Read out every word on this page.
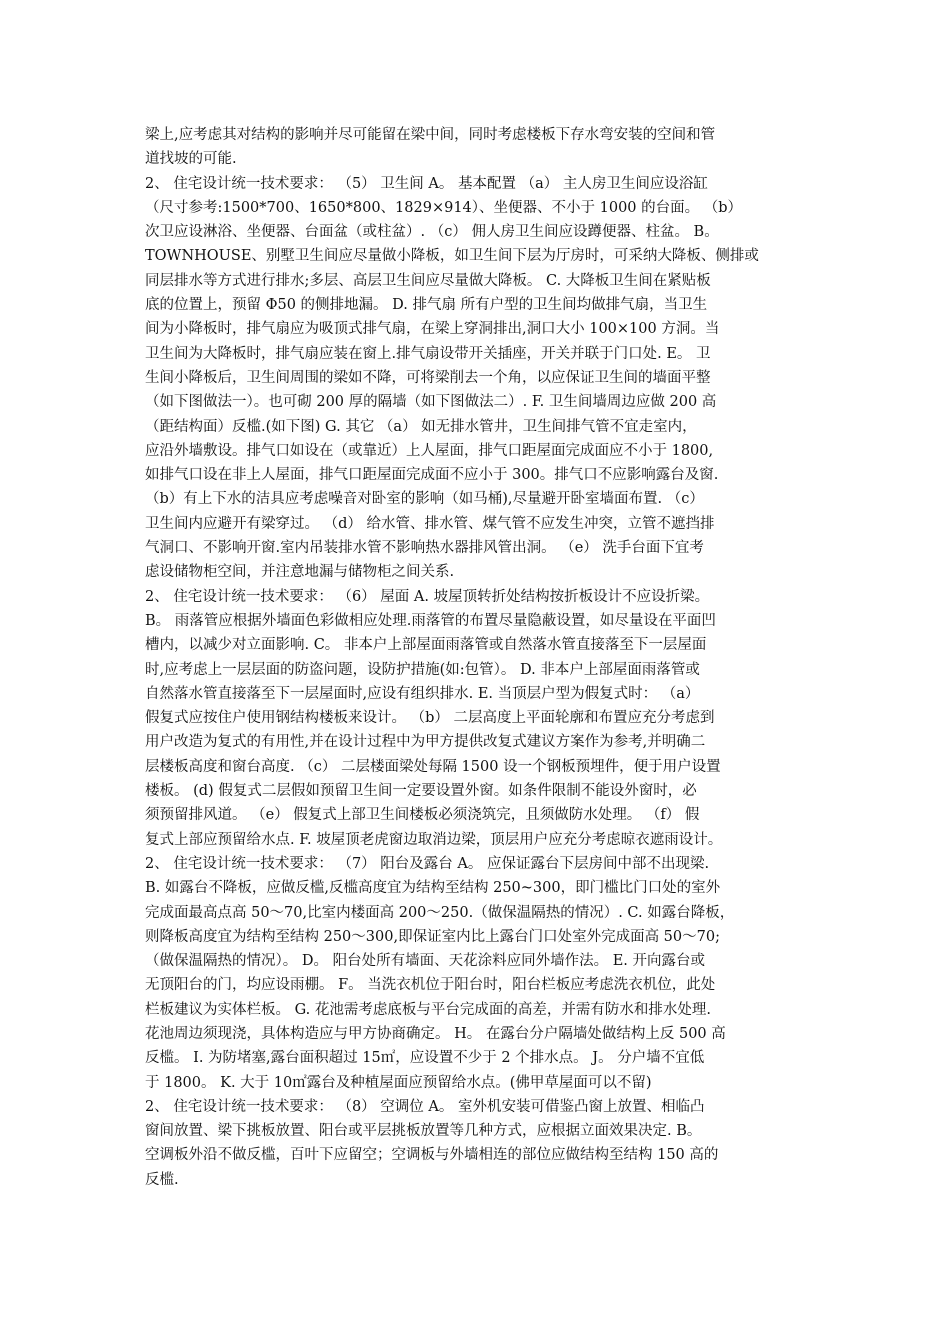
梁上,应考虑其对结构的影响并尽可能留在梁中间，同时考虑楼板下存水弯安装的空间和管
道找坡的可能.
2、 住宅设计统一技术要求： （5） 卫生间 A。 基本配置 （a） 主人房卫生间应设浴缸
（尺寸参考:1500*700、1650*800、1829×914）、坐便器、不小于 1000 的台面。 （b）
次卫应设淋浴、坐便器、台面盆（或柱盆）. （c） 佣人房卫生间应设蹲便器、柱盆。 B。
TOWNHOUSE、别墅卫生间应尽量做小降板，如卫生间下层为厅房时，可采纳大降板、侧排或
同层排水等方式进行排水;多层、高层卫生间应尽量做大降板。 C. 大降板卫生间在紧贴板
底的位置上，预留 Φ50 的侧排地漏。 D. 排气扇 所有户型的卫生间均做排气扇，当卫生
间为小降板时，排气扇应为吸顶式排气扇，在梁上穿洞排出,洞口大小 100×100 方洞。当
卫生间为大降板时，排气扇应装在窗上.排气扇设带开关插座，开关并联于门口处. E。 卫
生间小降板后，卫生间周围的梁如不降，可将梁削去一个角，以应保证卫生间的墙面平整
（如下图做法一）。也可砌 200 厚的隔墙（如下图做法二）. F. 卫生间墙周边应做 200 高
（距结构面）反槛.(如下图) G. 其它 （a） 如无排水管井，卫生间排气管不宜走室内，
应沿外墙敷设。排气口如设在（或靠近）上人屋面，排气口距屋面完成面应不小于 1800,
如排气口设在非上人屋面，排气口距屋面完成面不应小于 300。排气口不应影响露台及窗.
（b）有上下水的洁具应考虑噪音对卧室的影响（如马桶),尽量避开卧室墙面布置. （c）
卫生间内应避开有梁穿过。 （d） 给水管、排水管、煤气管不应发生冲突，立管不遮挡排
气洞口、不影响开窗.室内吊装排水管不影响热水器排风管出洞。 （e） 洗手台面下宜考
虑设储物柜空间，并注意地漏与储物柜之间关系.
2、 住宅设计统一技术要求： （6） 屋面 A. 坡屋顶转折处结构按折板设计不应设折梁。
B。 雨落管应根据外墙面色彩做相应处理.雨落管的布置尽量隐蔽设置，如尽量设在平面凹
槽内，以减少对立面影响. C。 非本户上部屋面雨落管或自然落水管直接落至下一层屋面
时,应考虑上一层层面的防盗问题，设防护措施(如:包管）。 D. 非本户上部屋面雨落管或
自然落水管直接落至下一层屋面时,应设有组织排水. E. 当顶层户型为假复式时： （a）
假复式应按住户使用钢结构楼板来设计。 （b） 二层高度上平面轮廓和布置应充分考虑到
用户改造为复式的有用性,并在设计过程中为甲方提供改复式建议方案作为参考,并明确二
层楼板高度和窗台高度. （c） 二层楼面梁处每隔 1500 设一个钢板预埋件，便于用户设置
楼板。 (d) 假复式二层假如预留卫生间一定要设置外窗。如条件限制不能设外窗时，必
须预留排风道。 （e） 假复式上部卫生间楼板必须浇筑完，且须做防水处理。 （f） 假
复式上部应预留给水点. F. 坡屋顶老虎窗边取消边梁，顶层用户应充分考虑晾衣遮雨设计。
2、 住宅设计统一技术要求： （7） 阳台及露台 A。 应保证露台下层房间中部不出现梁.
B. 如露台不降板，应做反槛,反槛高度宜为结构至结构 250~300，即门槛比门口处的室外
完成面最高点高 50～70,比室内楼面高 200～250.（做保温隔热的情况）. C. 如露台降板，
则降板高度宜为结构至结构 250～300,即保证室内比上露台门口处室外完成面高 50～70;
（做保温隔热的情况）。 D。 阳台处所有墙面、天花涂料应同外墙作法。 E. 开向露台或
无顶阳台的门，均应设雨棚。 F。 当洗衣机位于阳台时，阳台栏板应考虑洗衣机位，此处
栏板建议为实体栏板。 G. 花池需考虑底板与平台完成面的高差，并需有防水和排水处理.
花池周边须现浇，具体构造应与甲方协商确定。 H。 在露台分户隔墙处做结构上反 500 高
反槛。 I. 为防堵塞,露台面积超过 15㎡，应设置不少于 2 个排水点。 J。 分户墙不宜低
于 1800。 K. 大于 10㎡露台及种植屋面应预留给水点。(佛甲草屋面可以不留)
2、 住宅设计统一技术要求： （8） 空调位 A。 室外机安装可借鉴凸窗上放置、相临凸
窗间放置、梁下挑板放置、阳台或平层挑板放置等几种方式，应根据立面效果决定. B。
空调板外沿不做反槛，百叶下应留空；空调板与外墙相连的部位应做结构至结构 150 高的
反槛.
